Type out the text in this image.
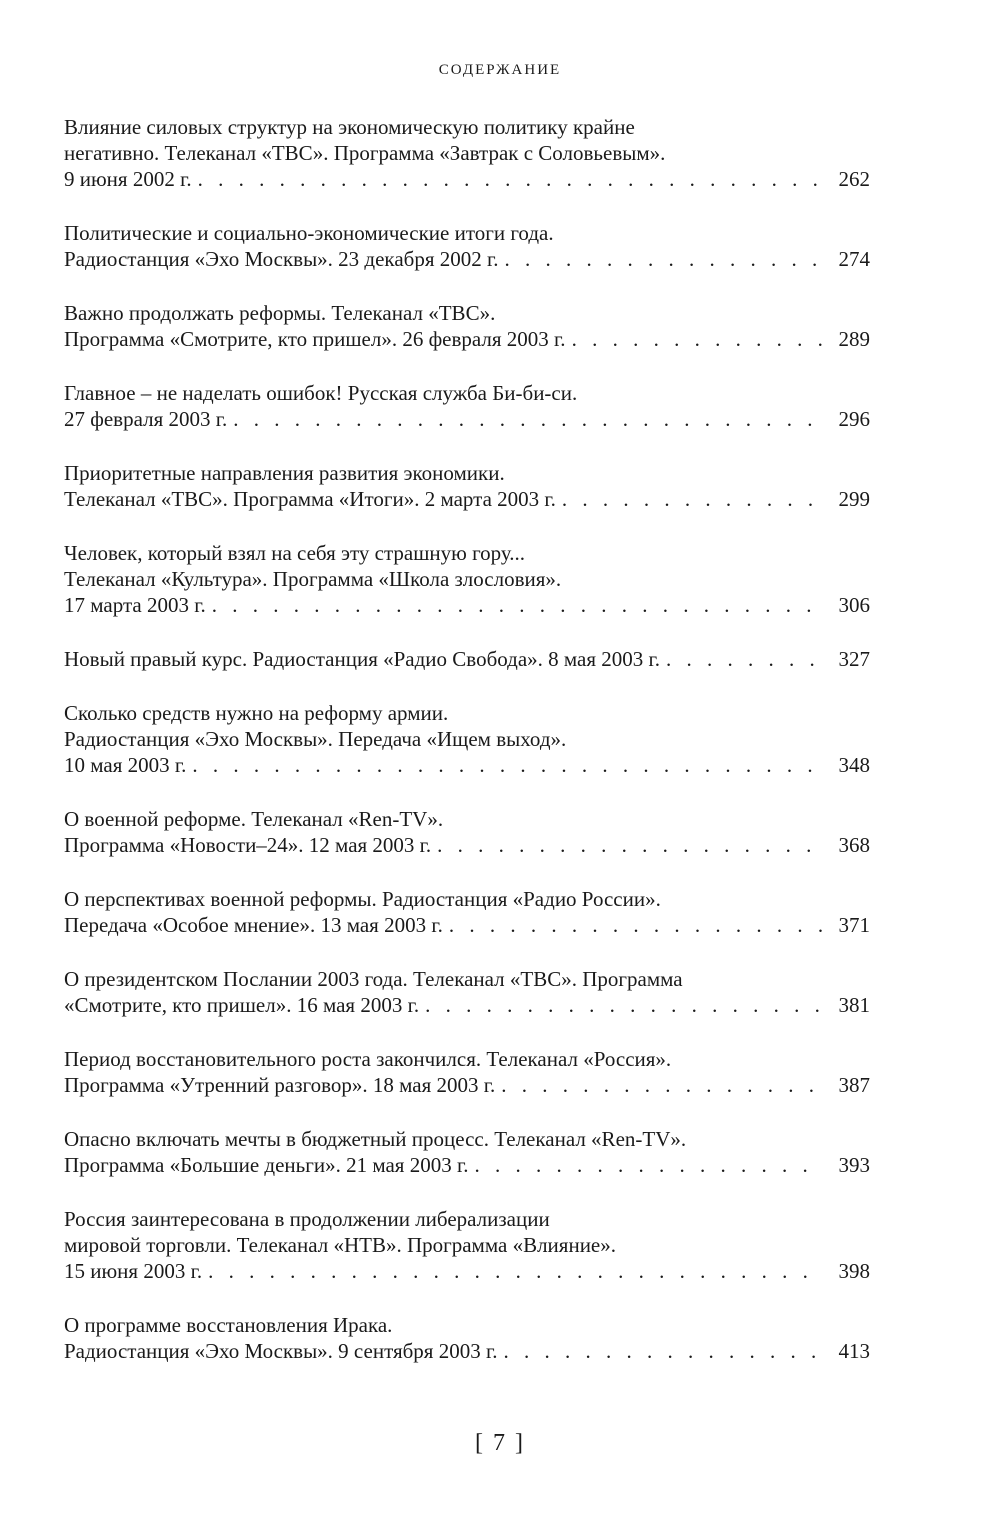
СОДЕРЖАНИЕ
Влияние силовых структур на экономическую политику крайне
негативно. Телеканал «ТВС». Программа «Завтрак с Соловьевым».
9 июня 2002 г. . . .	262
Политические и социально-экономические итоги года.
Радиостанция «Эхо Москвы». 23 декабря 2002 г. . . .	274
Важно продолжать реформы. Телеканал «ТВС».
Программа «Смотрите, кто пришел». 26 февраля 2003 г. . . .	289
Главное – не наделать ошибок! Русская служба Би-би-си.
27 февраля 2003 г. . . .	296
Приоритетные направления развития экономики.
Телеканал «ТВС». Программа «Итоги». 2 марта 2003 г. . . .	299
Человек, который взял на себя эту страшную гору...
Телеканал «Культура». Программа «Школа злословия».
17 марта 2003 г. . . .	306
Новый правый курс. Радиостанция «Радио Свобода». 8 мая 2003 г. . . .	327
Сколько средств нужно на реформу армии.
Радиостанция «Эхо Москвы». Передача «Ищем выход».
10 мая 2003 г. . . .	348
О военной реформе. Телеканал «Ren-TV».
Программа «Новости–24». 12 мая 2003 г. . . .	368
О перспективах военной реформы. Радиостанция «Радио России».
Передача «Особое мнение». 13 мая 2003 г. . . .	371
О президентском Послании 2003 года. Телеканал «ТВС». Программа
«Смотрите, кто пришел». 16 мая 2003 г. . . .	381
Период восстановительного роста закончился. Телеканал «Россия».
Программа «Утренний разговор». 18 мая 2003 г. . . .	387
Опасно включать мечты в бюджетный процесс. Телеканал «Ren-TV».
Программа «Большие деньги». 21 мая 2003 г. . . .	393
Россия заинтересована в продолжении либерализации
мировой торговли. Телеканал «НТВ». Программа «Влияние».
15 июня 2003 г. . . .	398
О программе восстановления Ирака.
Радиостанция «Эхо Москвы». 9 сентября 2003 г. . . .	413
[ 7 ]
